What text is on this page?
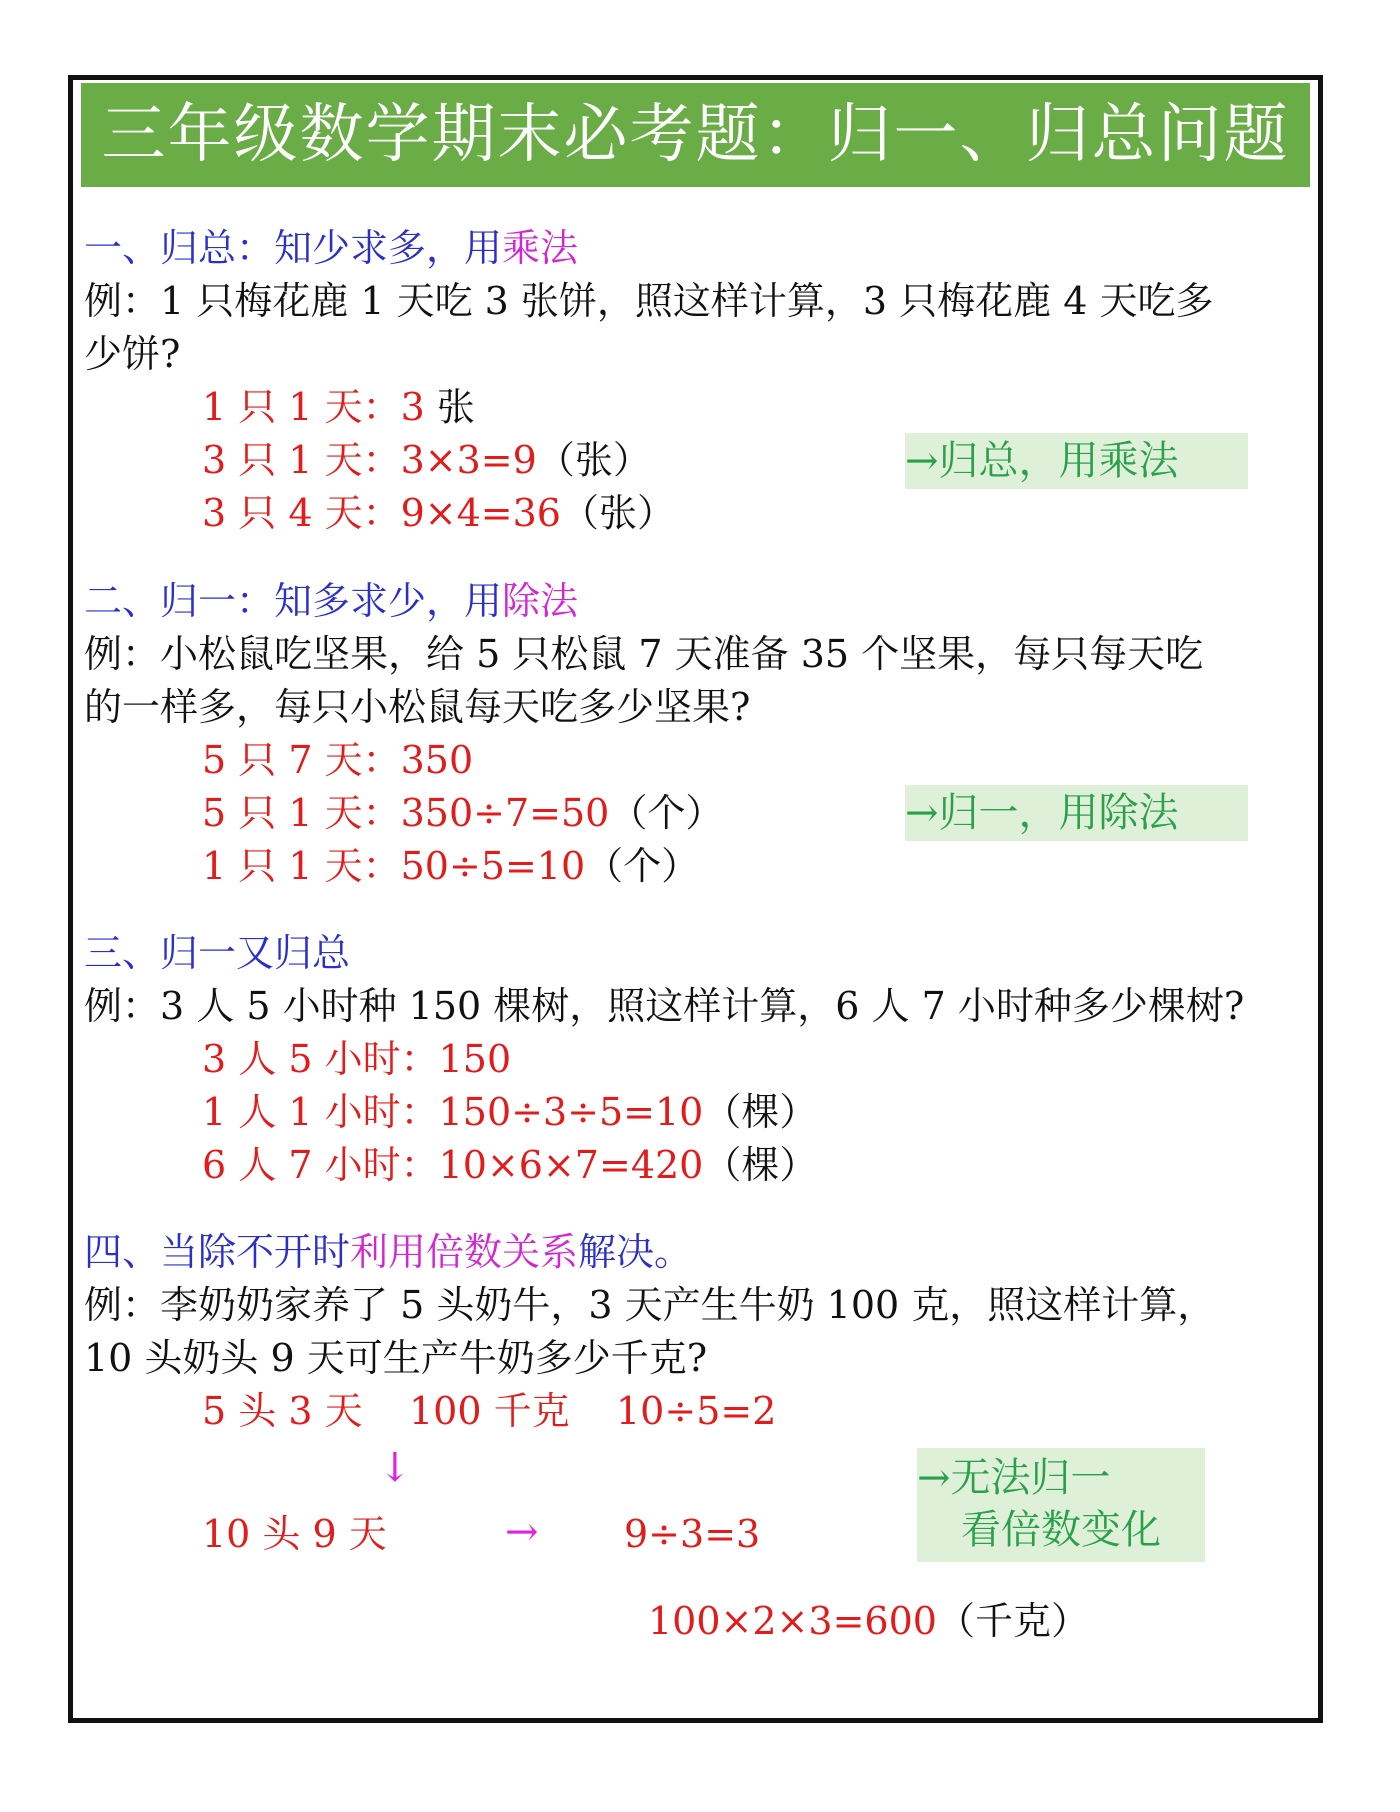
三年级数学期末必考题：归一、归总问题
一、归总：知少求多，用乘法
例：1 只梅花鹿 1 天吃 3 张饼，照这样计算，3 只梅花鹿 4 天吃多
少饼?
1 只 1 天：3 张
3 只 1 天：3×3=9（张）
3 只 4 天：9×4=36（张）
→归总，用乘法
二、归一：知多求少，用除法
例：小松鼠吃坚果，给 5 只松鼠 7 天准备 35 个坚果，每只每天吃
的一样多，每只小松鼠每天吃多少坚果?
5 只 7 天：350
5 只 1 天：350÷7=50（个）
1 只 1 天：50÷5=10（个）
→归一，用除法
三、归一又归总
例：3 人 5 小时种 150 棵树，照这样计算，6 人 7 小时种多少棵树?
3 人 5 小时：150
1 人 1 小时：150÷3÷5=10（棵）
6 人 7 小时：10×6×7=420（棵）
四、当除不开时利用倍数关系解决。
例：李奶奶家养了 5 头奶牛，3 天产生牛奶 100 克，照这样计算，
10 头奶头 9 天可生产牛奶多少千克?
5 头 3 天 100 千克 10÷5=2
↓
10 头 9 天	→ 9÷3=3
→无法归一
看倍数变化
100×2×3=600（千克）
